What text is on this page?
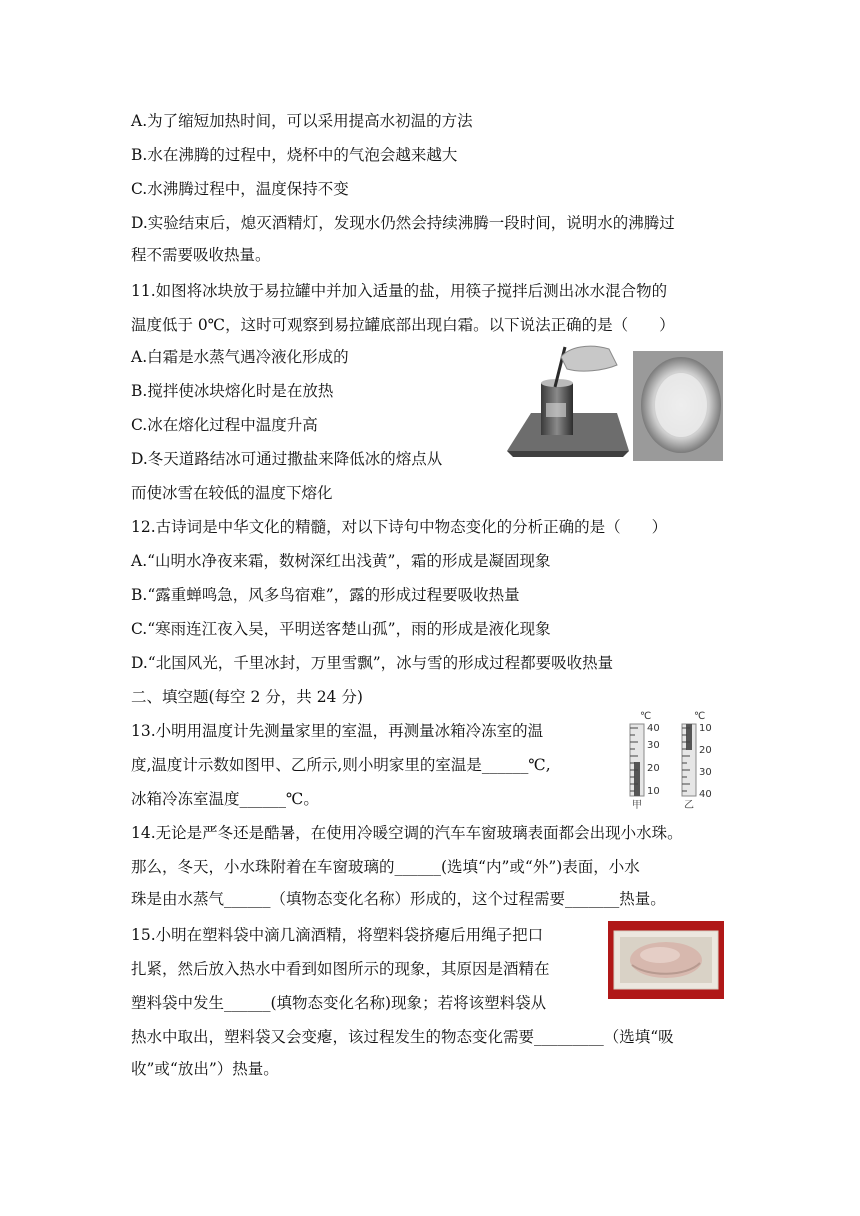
A.为了缩短加热时间，可以采用提高水初温的方法
B.水在沸腾的过程中，烧杯中的气泡会越来越大
C.水沸腾过程中，温度保持不变
D.实验结束后，熄灭酒精灯，发现水仍然会持续沸腾一段时间，说明水的沸腾过
程不需要吸收热量。
11.如图将冰块放于易拉罐中并加入适量的盐，用筷子搅拌后测出冰水混合物的
温度低于 0℃，这时可观察到易拉罐底部出现白霜。以下说法正确的是（　　）
A.白霜是水蒸气遇冷液化形成的
B.搅拌使冰块熔化时是在放热
C.冰在熔化过程中温度升高
D.冬天道路结冰可通过撒盐来降低冰的熔点从
而使冰雪在较低的温度下熔化
12.古诗词是中华文化的精髓，对以下诗句中物态变化的分析正确的是（　　）
A.“山明水净夜来霜，数树深红出浅黄”，霜的形成是凝固现象
B.“露重蝉鸣急，风多鸟宿难”，露的形成过程要吸收热量
C.“寒雨连江夜入吴，平明送客楚山孤”，雨的形成是液化现象
D.“北国风光，千里冰封，万里雪飘”，冰与雪的形成过程都要吸收热量
二、填空题(每空 2 分，共 24 分)
13.小明用温度计先测量家里的室温，再测量冰箱冷冻室的温
度,温度计示数如图甲、乙所示,则小明家里的室温是______℃,
冰箱冷冻室温度______℃。
℃
40
30
20
10
甲
℃
10
20
30
40
乙
14.无论是严冬还是酷暑，在使用冷暖空调的汽车车窗玻璃表面都会出现小水珠。
那么，冬天，小水珠附着在车窗玻璃的______(选填“内”或“外”)表面，小水
珠是由水蒸气______（填物态变化名称）形成的，这个过程需要_______热量。
15.小明在塑料袋中滴几滴酒精，将塑料袋挤瘪后用绳子把口
扎紧，然后放入热水中看到如图所示的现象，其原因是酒精在
塑料袋中发生______(填物态变化名称)现象；若将该塑料袋从
热水中取出，塑料袋又会变瘪，该过程发生的物态变化需要_________（选填“吸
收”或“放出”）热量。
